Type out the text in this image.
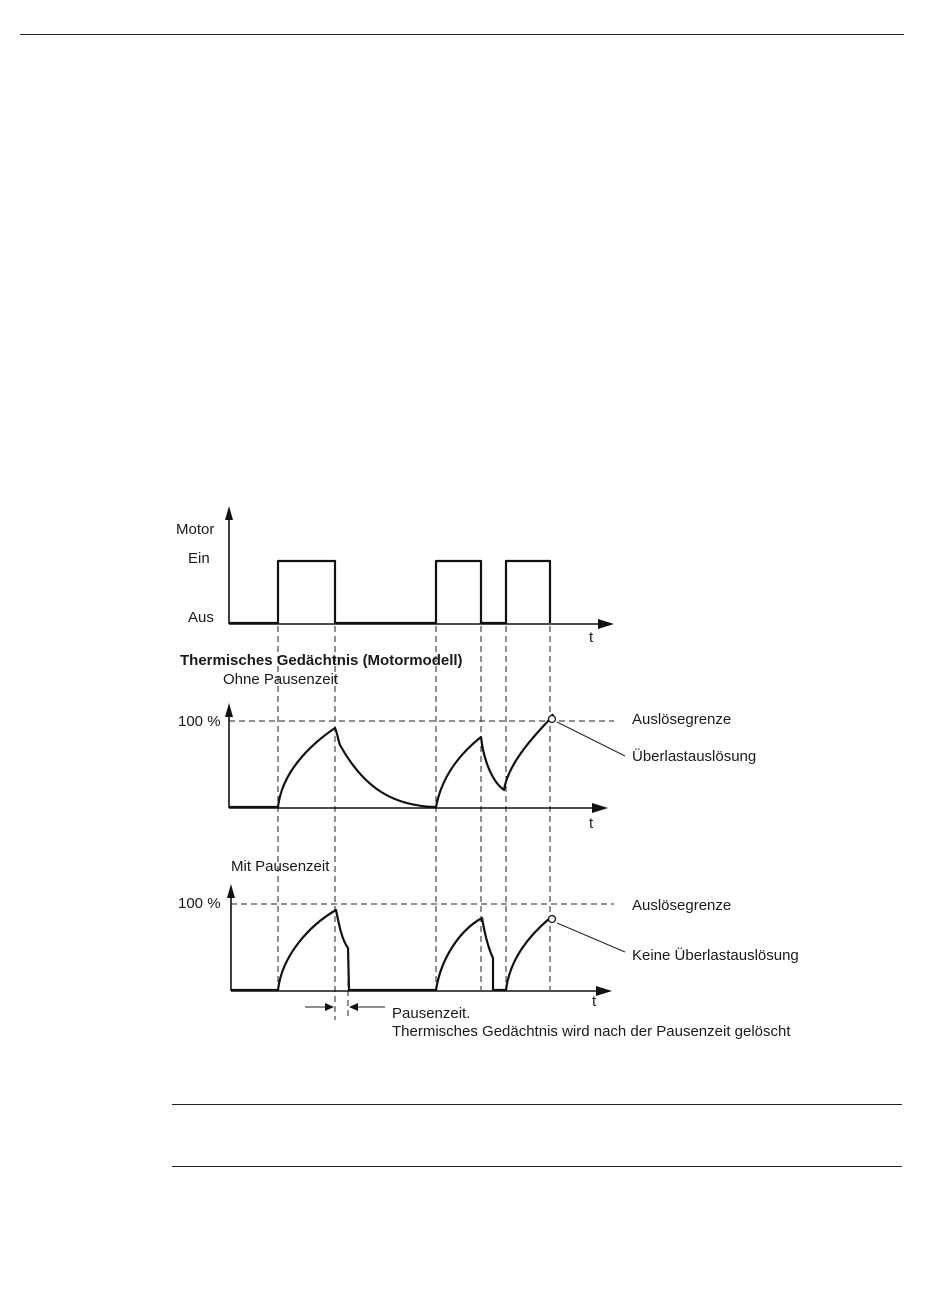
Motor
Ein
Aus
t
Thermisches Gedächtnis (Motormodell)
Ohne Pausenzeit
t
100 %	Auslösegrenze
Überlastauslösung
Mit Pausenzeit
t
100 %	Auslösegrenze
Keine Überlastauslösung
Pausenzeit.
Thermisches Gedächtnis wird nach der Pausenzeit gelöscht
